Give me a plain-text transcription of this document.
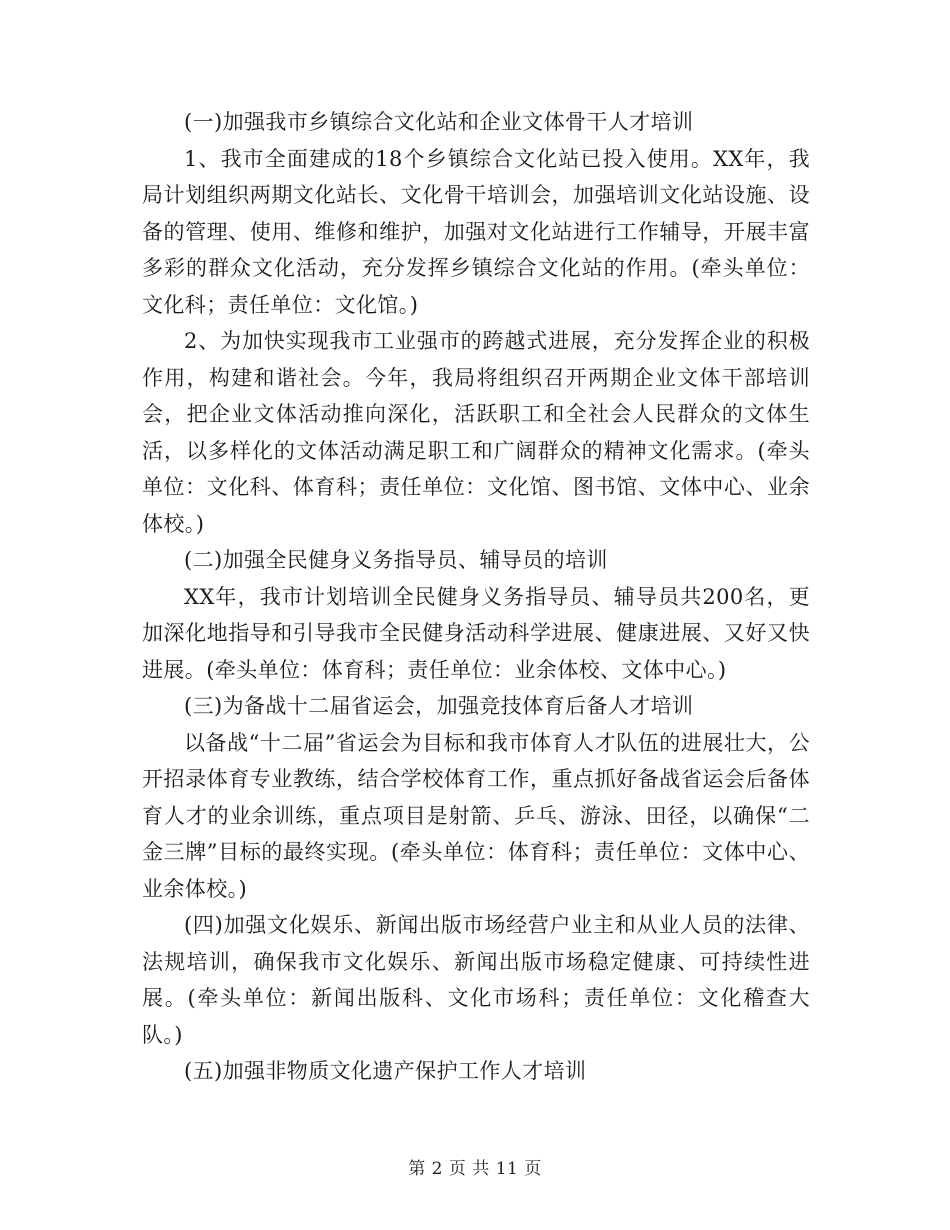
(一)加强我市乡镇综合文化站和企业文体骨干人才培训

1、我市全面建成的18个乡镇综合文化站已投入使用。XX年，我局计划组织两期文化站长、文化骨干培训会，加强培训文化站设施、设备的管理、使用、维修和维护，加强对文化站进行工作辅导，开展丰富多彩的群众文化活动，充分发挥乡镇综合文化站的作用。(牵头单位：文化科；责任单位：文化馆。)

2、为加快实现我市工业强市的跨越式进展，充分发挥企业的积极作用，构建和谐社会。今年，我局将组织召开两期企业文体干部培训会，把企业文体活动推向深化，活跃职工和全社会人民群众的文体生活，以多样化的文体活动满足职工和广阔群众的精神文化需求。(牵头单位：文化科、体育科；责任单位：文化馆、图书馆、文体中心、业余体校。)

(二)加强全民健身义务指导员、辅导员的培训

XX年，我市计划培训全民健身义务指导员、辅导员共200名，更加深化地指导和引导我市全民健身活动科学进展、健康进展、又好又快进展。(牵头单位：体育科；责任单位：业余体校、文体中心。)

(三)为备战十二届省运会，加强竞技体育后备人才培训

以备战“十二届”省运会为目标和我市体育人才队伍的进展壮大，公开招录体育专业教练，结合学校体育工作，重点抓好备战省运会后备体育人才的业余训练，重点项目是射箭、乒乓、游泳、田径，以确保“二金三牌”目标的最终实现。(牵头单位：体育科；责任单位：文体中心、业余体校。)

(四)加强文化娱乐、新闻出版市场经营户业主和从业人员的法律、法规培训，确保我市文化娱乐、新闻出版市场稳定健康、可持续性进展。(牵头单位：新闻出版科、文化市场科；责任单位：文化稽查大队。)

(五)加强非物质文化遗产保护工作人才培训

第 2 页 共 11 页
